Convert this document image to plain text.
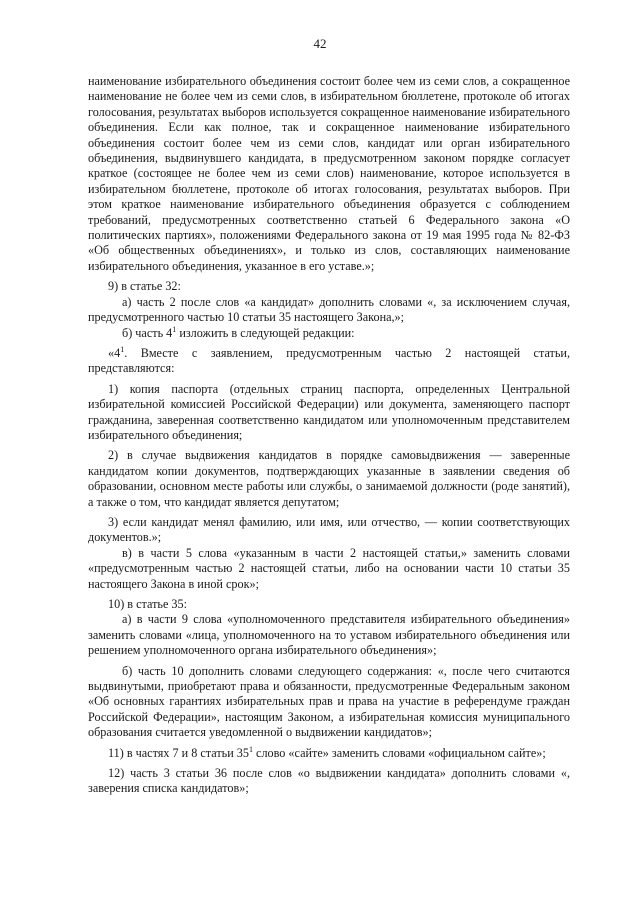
42

наименование избирательного объединения состоит более чем из семи слов, а сокращенное наименование не более чем из семи слов, в избирательном бюллетене, протоколе об итогах голосования, результатах выборов используется сокращенное наименование избирательного объединения. Если как полное, так и сокращенное наименование избирательного объединения состоит более чем из семи слов, кандидат или орган избирательного объединения, выдвинувшего кандидата, в предусмотренном законом порядке согласует краткое (состоящее не более чем из семи слов) наименование, которое используется в избирательном бюллетене, протоколе об итогах голосования, результатах выборов. При этом краткое наименование избирательного объединения образуется с соблюдением требований, предусмотренных соответственно статьей 6 Федерального закона «О политических партиях», положениями Федерального закона от 19 мая 1995 года № 82-ФЗ «Об общественных объединениях», и только из слов, составляющих наименование избирательного объединения, указанное в его уставе.»;

9) в статье 32:

а) часть 2 после слов «а кандидат» дополнить словами «, за исключением случая, предусмотренного частью 10 статьи 35 настоящего Закона,»;

б) часть $4^1$ изложить в следующей редакции:

«$4^1$. Вместе с заявлением, предусмотренным частью 2 настоящей статьи, представляются:

1) копия паспорта (отдельных страниц паспорта, определенных Центральной избирательной комиссией Российской Федерации) или документа, заменяющего паспорт гражданина, заверенная соответственно кандидатом или уполномоченным представителем избирательного объединения;

2) в случае выдвижения кандидатов в порядке самовыдвижения — заверенные кандидатом копии документов, подтверждающих указанные в заявлении сведения об образовании, основном месте работы или службы, о занимаемой должности (роде занятий), а также о том, что кандидат является депутатом;

3) если кандидат менял фамилию, или имя, или отчество, — копии соответствующих документов.»;

в) в части 5 слова «указанным в части 2 настоящей статьи,» заменить словами «предусмотренным частью 2 настоящей статьи, либо на основании части 10 статьи 35 настоящего Закона в иной срок»;

10) в статье 35:

а) в части 9 слова «уполномоченного представителя избирательного объединения» заменить словами «лица, уполномоченного на то уставом избирательного объединения или решением уполномоченного органа избирательного объединения»;

б) часть 10 дополнить словами следующего содержания: «, после чего считаются выдвинутыми, приобретают права и обязанности, предусмотренные Федеральным законом «Об основных гарантиях избирательных прав и права на участие в референдуме граждан Российской Федерации», настоящим Законом, а избирательная комиссия муниципального образования считается уведомленной о выдвижении кандидатов»;

11) в частях 7 и 8 статьи $35^1$ слово «сайте» заменить словами «официальном сайте»;

12) часть 3 статьи 36 после слов «о выдвижении кандидата» дополнить словами «, заверения списка кандидатов»;
